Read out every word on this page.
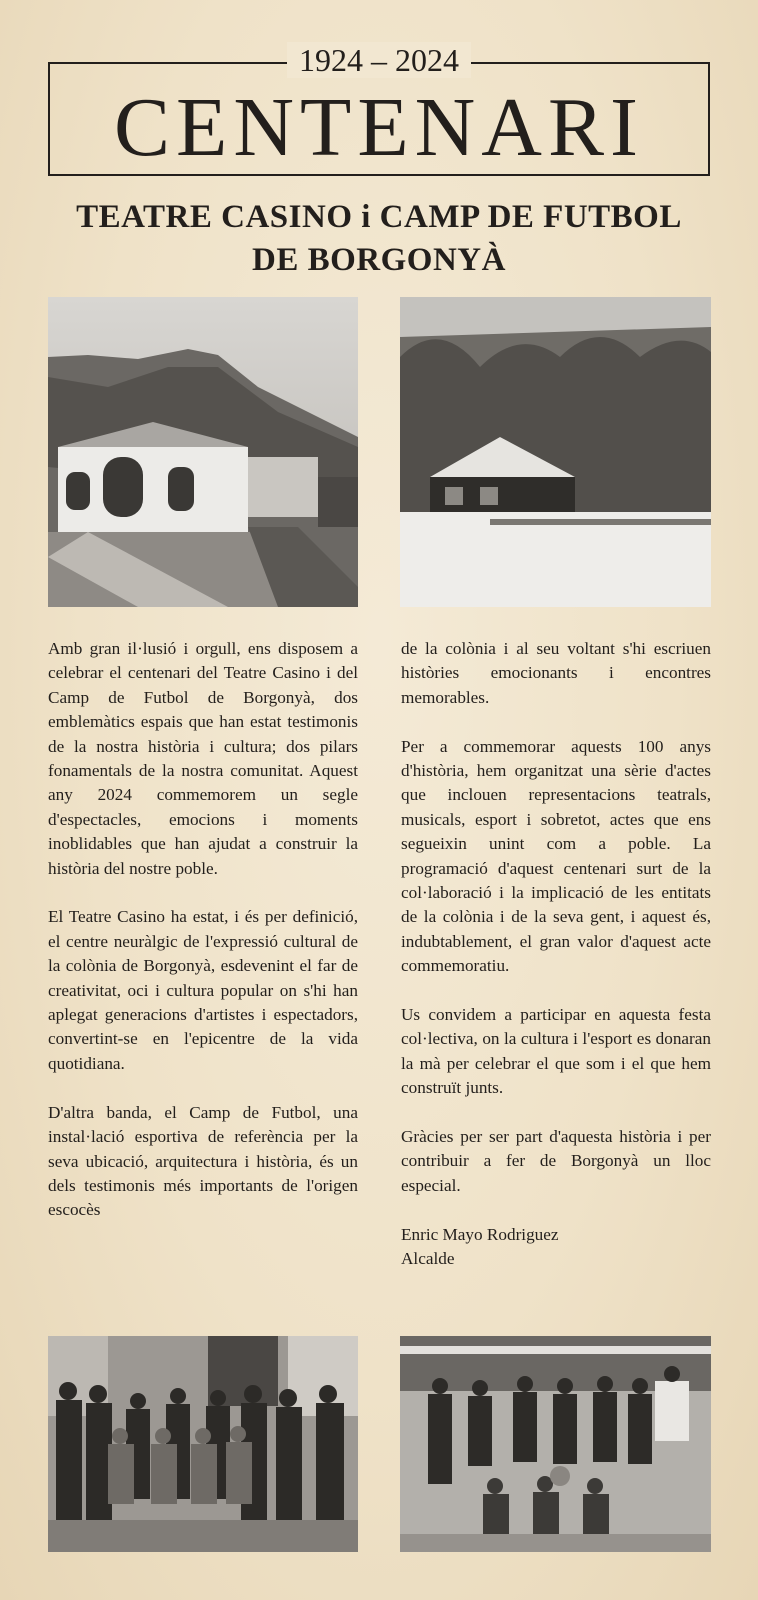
1924 – 2024
CENTENARI
TEATRE CASINO i CAMP DE FUTBOL
DE BORGONYÀ

Amb gran il·lusió i orgull, ens disposem a celebrar el centenari del Teatre Casino i del Camp de Futbol de Borgonyà, dos emblemàtics espais que han estat testimonis de la nostra història i cultura; dos pilars fonamentals de la nostra comunitat. Aquest any 2024 commemorem un segle d'espectacles, emocions i moments inoblidables que han ajudat a construir la història del nostre poble.

El Teatre Casino ha estat, i és per definició, el centre neuràlgic de l'expressió cultural de la colònia de Borgonyà, esdevenint el far de creativitat, oci i cultura popular on s'hi han aplegat generacions d'artistes i espectadors, convertint-se en l'epicentre de la vida quotidiana.

D'altra banda, el Camp de Futbol, una instal·lació esportiva de referència per la seva ubicació, arquitectura i història, és un dels testimonis més importants de l'origen escocès

de la colònia i al seu voltant s'hi escriuen històries emocionants i encontres memorables.

Per a commemorar aquests 100 anys d'història, hem organitzat una sèrie d'actes que inclouen representacions teatrals, musicals, esport i sobretot, actes que ens segueixin unint com a poble. La programació d'aquest centenari surt de la col·laboració i la implicació de les entitats de la colònia i de la seva gent, i aquest és, indubtablement, el gran valor d'aquest acte commemoratiu.

Us convidem a participar en aquesta festa col·lectiva, on la cultura i l'esport es donaran la mà per celebrar el que som i el que hem construït junts.

Gràcies per ser part d'aquesta història i per contribuir a fer de Borgonyà un lloc especial.

Enric Mayo Rodriguez

Alcalde
